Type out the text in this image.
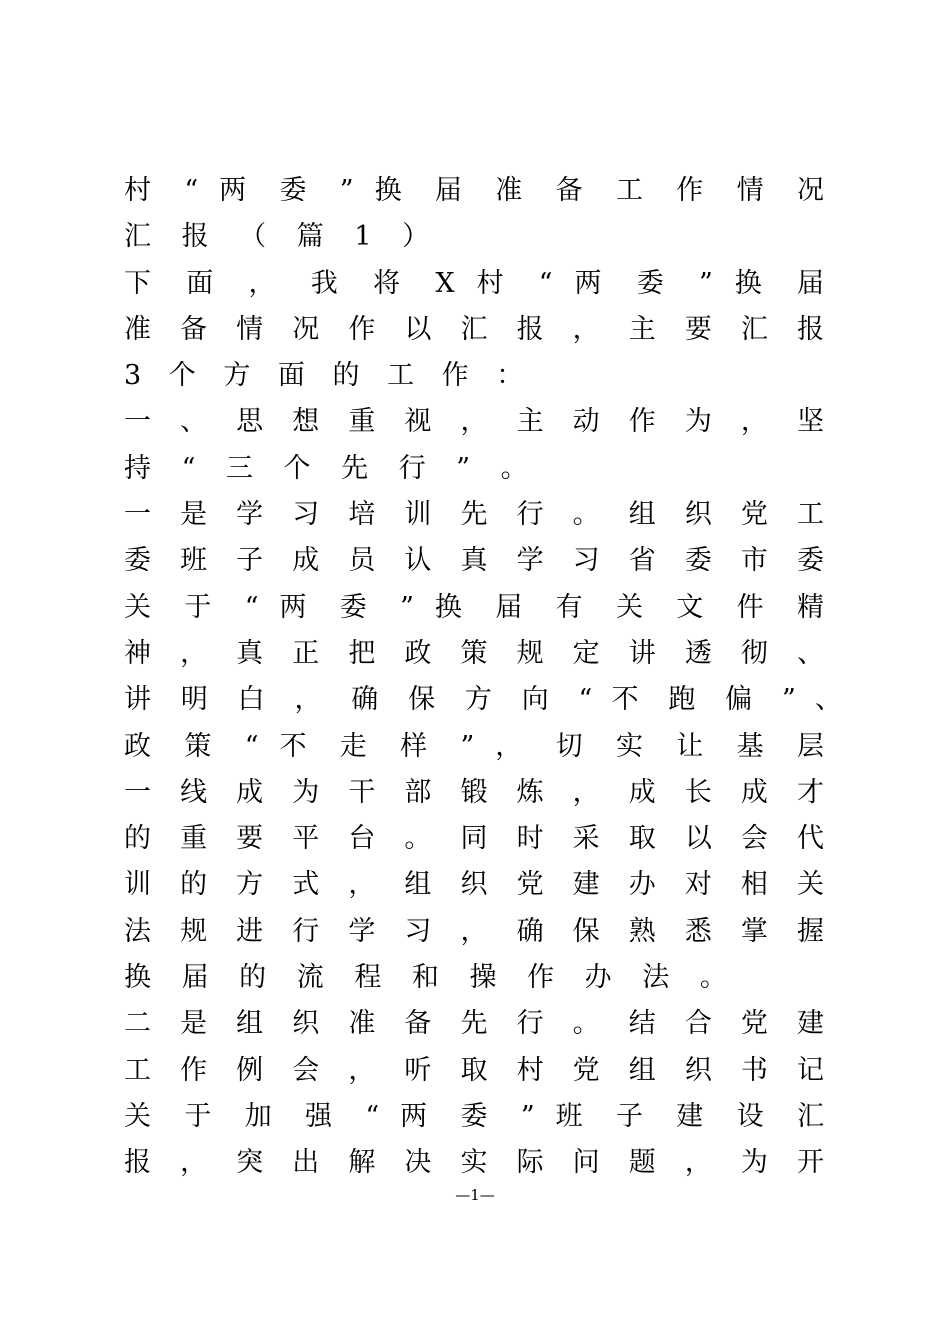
村 “ 两 委 ” 换 届 准 备 工 作 情 况
汇 报 （ 篇 1 ）
下 面 ， 我 将 X 村 “ 两 委 ” 换 届
准 备 情 况 作 以 汇 报 ， 主 要 汇 报
3 个 方 面 的 工 作 ：
一 、 思 想 重 视 ， 主 动 作 为 ， 坚
持 “ 三 个 先 行 ” 。
一 是 学 习 培 训 先 行 。 组 织 党 工
委 班 子 成 员 认 真 学 习 省 委 市 委
关 于 “ 两 委 ” 换 届 有 关 文 件 精
神 ， 真 正 把 政 策 规 定 讲 透 彻 、
讲 明 白 ， 确 保 方 向 “ 不 跑 偏 ” 、
政 策 “ 不 走 样 ” ， 切 实 让 基 层
一 线 成 为 干 部 锻 炼 ， 成 长 成 才
的 重 要 平 台 。 同 时 采 取 以 会 代
训 的 方 式 ， 组 织 党 建 办 对 相 关
法 规 进 行 学 习 ， 确 保 熟 悉 掌 握
换 届 的 流 程 和 操 作 办 法 。
二 是 组 织 准 备 先 行 。 结 合 党 建
工 作 例 会 ， 听 取 村 党 组 织 书 记
关 于 加 强 “ 两 委 ” 班 子 建 设 汇
报 ， 突 出 解 决 实 际 问 题 ， 为 开
—1—
